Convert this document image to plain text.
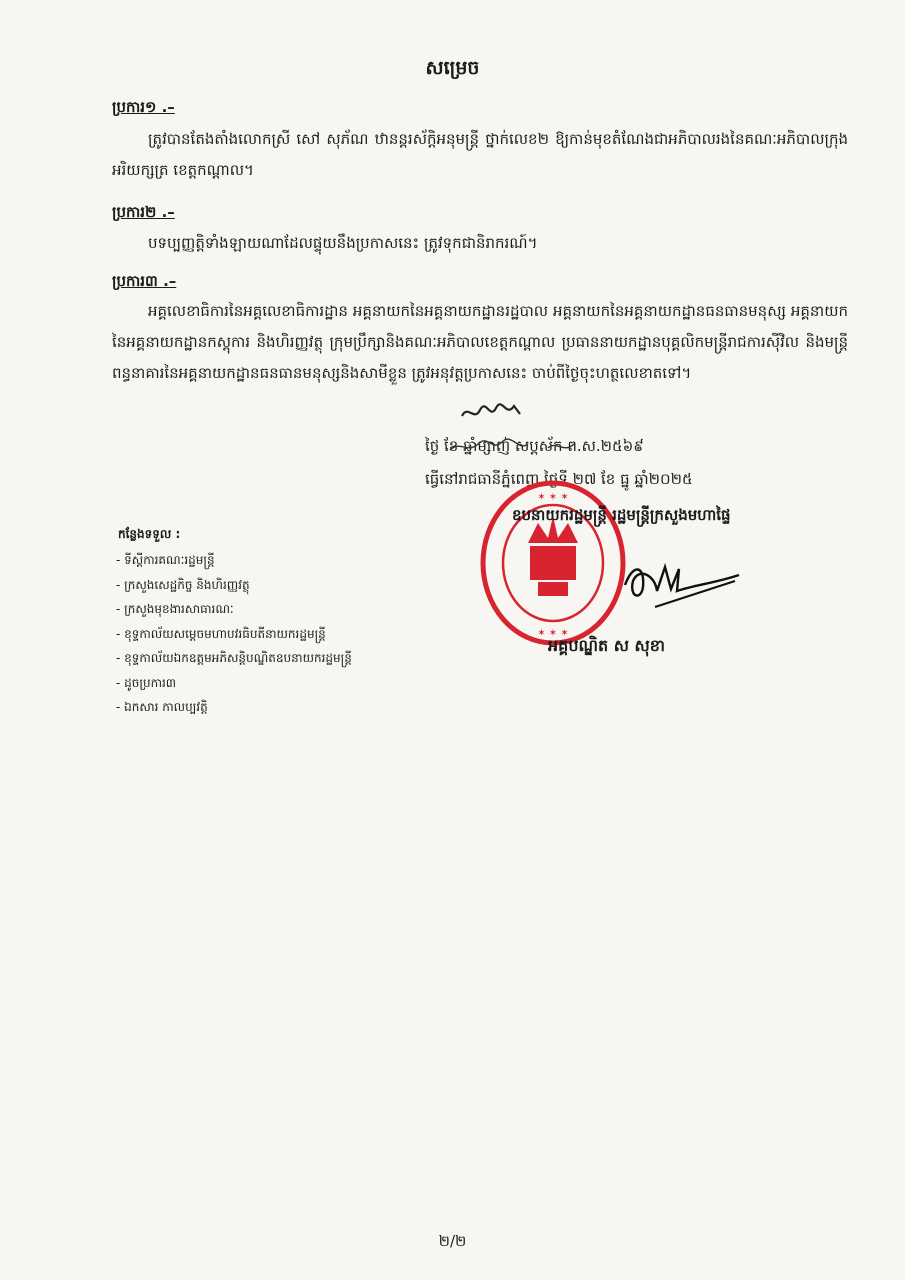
សម្រេច
ប្រការ១ .–
ត្រូវបានតែងតាំងលោកស្រី សៅ សុភ័ណ ឋានន្តរស័ក្តិអនុមន្ត្រី ថ្នាក់លេខ២ ឱ្យកាន់មុខតំណែងជាអភិបាលរងនៃគណៈអភិបាលក្រុងអរិយក្សត្រ ខេត្តកណ្ដាល។
ប្រការ២ .–
បទប្បញ្ញត្តិទាំងឡាយណាដែលផ្ទុយនឹងប្រកាសនេះ ត្រូវទុកជានិរាករណ៍។
ប្រការ៣ .–
អគ្គលេខាធិការនៃអគ្គលេខាធិការដ្ឋាន អគ្គនាយកនៃអគ្គនាយកដ្ឋានរដ្ឋបាល អគ្គនាយកនៃអគ្គនាយកដ្ឋានធនធានមនុស្ស អគ្គនាយកនៃអគ្គនាយកដ្ឋានកស្តុការ និងហិរញ្ញវត្ថុ ក្រុមប្រឹក្សានិងគណៈអភិបាលខេត្តកណ្ដាល ប្រធាននាយកដ្ឋានបុគ្គលិកមន្ត្រីរាជការស៊ីវិល និងមន្ត្រីពន្ធនាគារនៃអគ្គនាយកដ្ឋានធនធានមនុស្សនិងសាមីខ្លួន ត្រូវអនុវត្តប្រកាសនេះ ចាប់ពីថ្ងៃចុះហត្ថលេខាតទៅ។
ថ្ងៃ ខែ ឆ្នាំម្សាញ់ សប្តស័ក ព.ស.២៥៦៩
ធ្វើនៅរាជធានីភ្នំពេញ ថ្ងៃទី ២៧ ខែ ធ្នូ ឆ្នាំ២០២៥
✶ ✶ ✶
✶ ✶ ✶
ឧបនាយករដ្ឋមន្ត្រី រដ្ឋមន្ត្រីក្រសួងមហាផ្ទៃ
អគ្គបណ្ឌិត ស សុខា
កន្លែងទទួល :
- ទីស្តីការគណៈរដ្ឋមន្ត្រី
- ក្រសួងសេដ្ឋកិច្ច និងហិរញ្ញវត្ថុ
- ក្រសួងមុខងារសាធារណៈ
- ខុទ្ទកាល័យសម្តេចមហាបវរធិបតីនាយករដ្ឋមន្ត្រី
- ខុទ្ទកាល័យឯកឧត្តមអភិសន្តិបណ្ឌិតឧបនាយករដ្ឋមន្ត្រី
- ដូចប្រការ៣
- ឯកសារ កាលប្បវត្តិ
២/២
